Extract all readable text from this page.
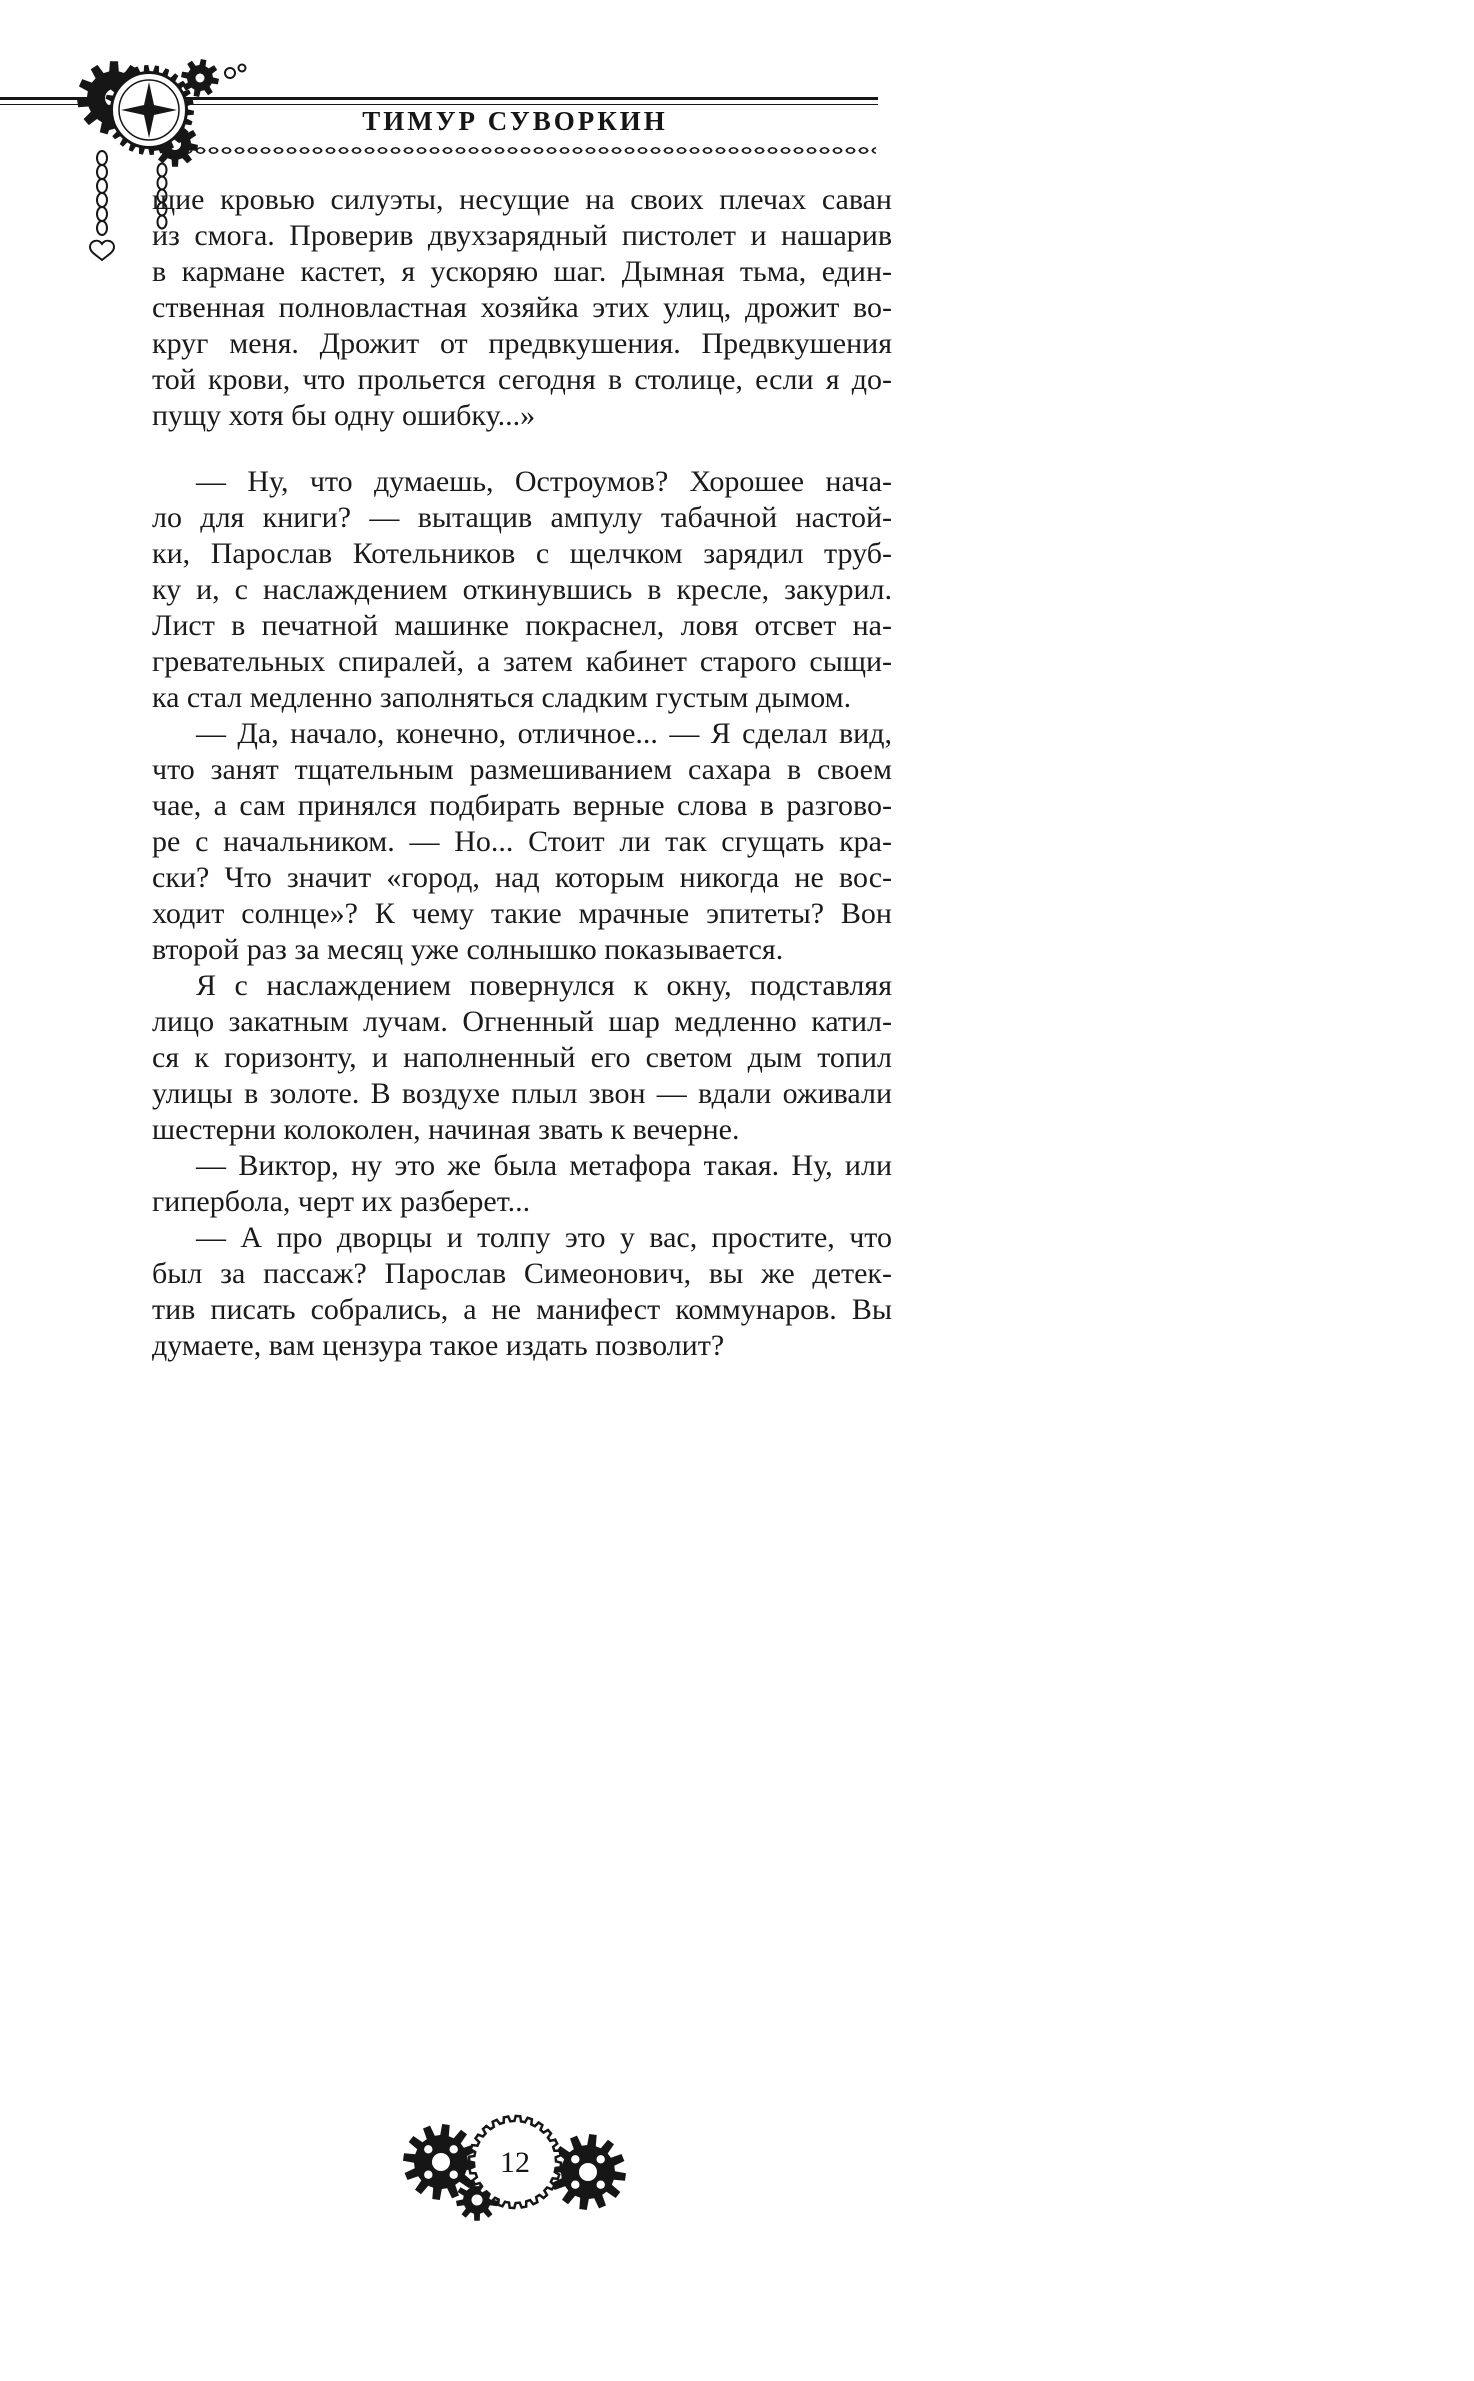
ТИМУР СУВОРКИН
щие кровью силуэты, несущие на своих плечах саван
из смога. Проверив двухзарядный пистолет и нашарив
в кармане кастет, я ускоряю шаг. Дымная тьма, един-
ственная полновластная хозяйка этих улиц, дрожит во-
круг меня. Дрожит от предвкушения. Предвкушения
той крови, что прольется сегодня в столице, если я до-
пущу хотя бы одну ошибку...»
— Ну, что думаешь, Остроумов? Хорошее нача-
ло для книги? — вытащив ампулу табачной настой-
ки, Парослав Котельников с щелчком зарядил труб-
ку и, с наслаждением откинувшись в кресле, закурил.
Лист в печатной машинке покраснел, ловя отсвет на-
гревательных спиралей, а затем кабинет старого сыщи-
ка стал медленно заполняться сладким густым дымом.
— Да, начало, конечно, отличное... — Я сделал вид,
что занят тщательным размешиванием сахара в своем
чае, а сам принялся подбирать верные слова в разгово-
ре с начальником. — Но... Стоит ли так сгущать кра-
ски? Что значит «город, над которым никогда не вос-
ходит солнце»? К чему такие мрачные эпитеты? Вон
второй раз за месяц уже солнышко показывается.
Я с наслаждением повернулся к окну, подставляя
лицо закатным лучам. Огненный шар медленно катил-
ся к горизонту, и наполненный его светом дым топил
улицы в золоте. В воздухе плыл звон — вдали оживали
шестерни колоколен, начиная звать к вечерне.
— Виктор, ну это же была метафора такая. Ну, или
гипербола, черт их разберет...
— А про дворцы и толпу это у вас, простите, что
был за пассаж? Парослав Симеонович, вы же детек-
тив писать собрались, а не манифест коммунаров. Вы
думаете, вам цензура такое издать позволит?
12
